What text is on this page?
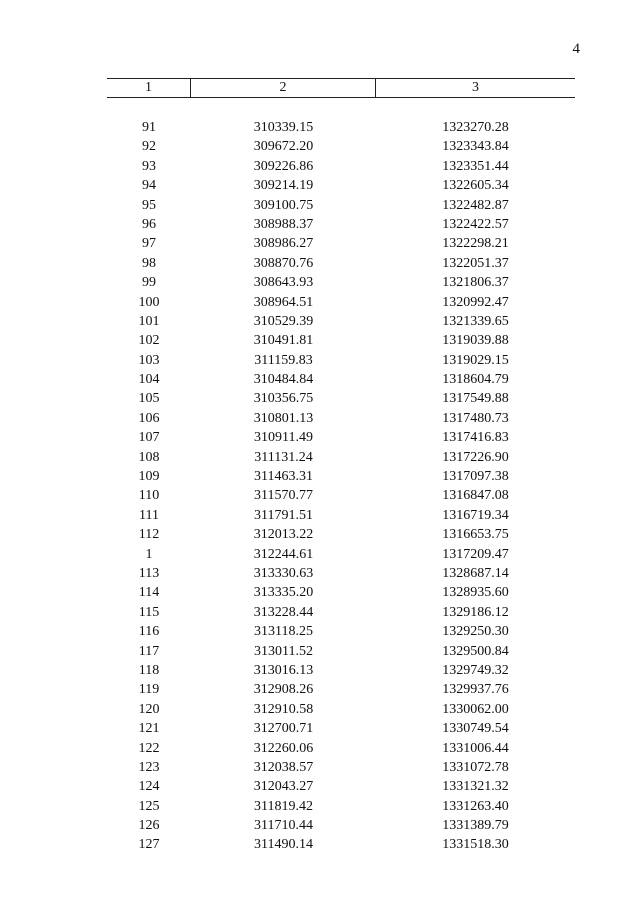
4
1	2	3
91	310339.15	1323270.28
92	309672.20	1323343.84
93	309226.86	1323351.44
94	309214.19	1322605.34
95	309100.75	1322482.87
96	308988.37	1322422.57
97	308986.27	1322298.21
98	308870.76	1322051.37
99	308643.93	1321806.37
100	308964.51	1320992.47
101	310529.39	1321339.65
102	310491.81	1319039.88
103	311159.83	1319029.15
104	310484.84	1318604.79
105	310356.75	1317549.88
106	310801.13	1317480.73
107	310911.49	1317416.83
108	311131.24	1317226.90
109	311463.31	1317097.38
110	311570.77	1316847.08
111	311791.51	1316719.34
112	312013.22	1316653.75
1	312244.61	1317209.47
113	313330.63	1328687.14
114	313335.20	1328935.60
115	313228.44	1329186.12
116	313118.25	1329250.30
117	313011.52	1329500.84
118	313016.13	1329749.32
119	312908.26	1329937.76
120	312910.58	1330062.00
121	312700.71	1330749.54
122	312260.06	1331006.44
123	312038.57	1331072.78
124	312043.27	1331321.32
125	311819.42	1331263.40
126	311710.44	1331389.79
127	311490.14	1331518.30
